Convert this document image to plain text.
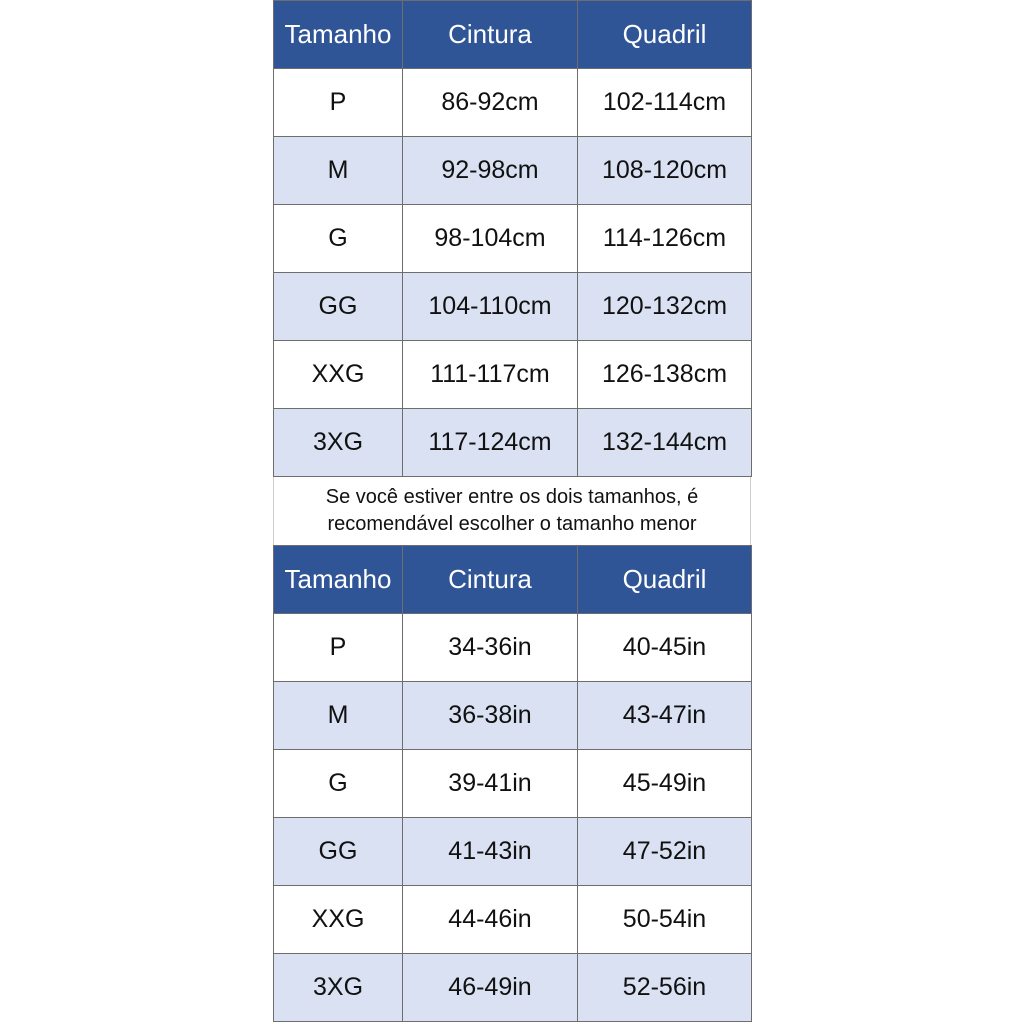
Tamanho	Cintura	Quadril
P	86-92cm	102-114cm
M	92-98cm	108-120cm
G	98-104cm	114-126cm
GG	104-110cm	120-132cm
XXG	111-117cm	126-138cm
3XG	117-124cm	132-144cm
Se você estiver entre os dois tamanhos, é
recomendável escolher o tamanho menor
Tamanho	Cintura	Quadril
P	34-36in	40-45in
M	36-38in	43-47in
G	39-41in	45-49in
GG	41-43in	47-52in
XXG	44-46in	50-54in
3XG	46-49in	52-56in
